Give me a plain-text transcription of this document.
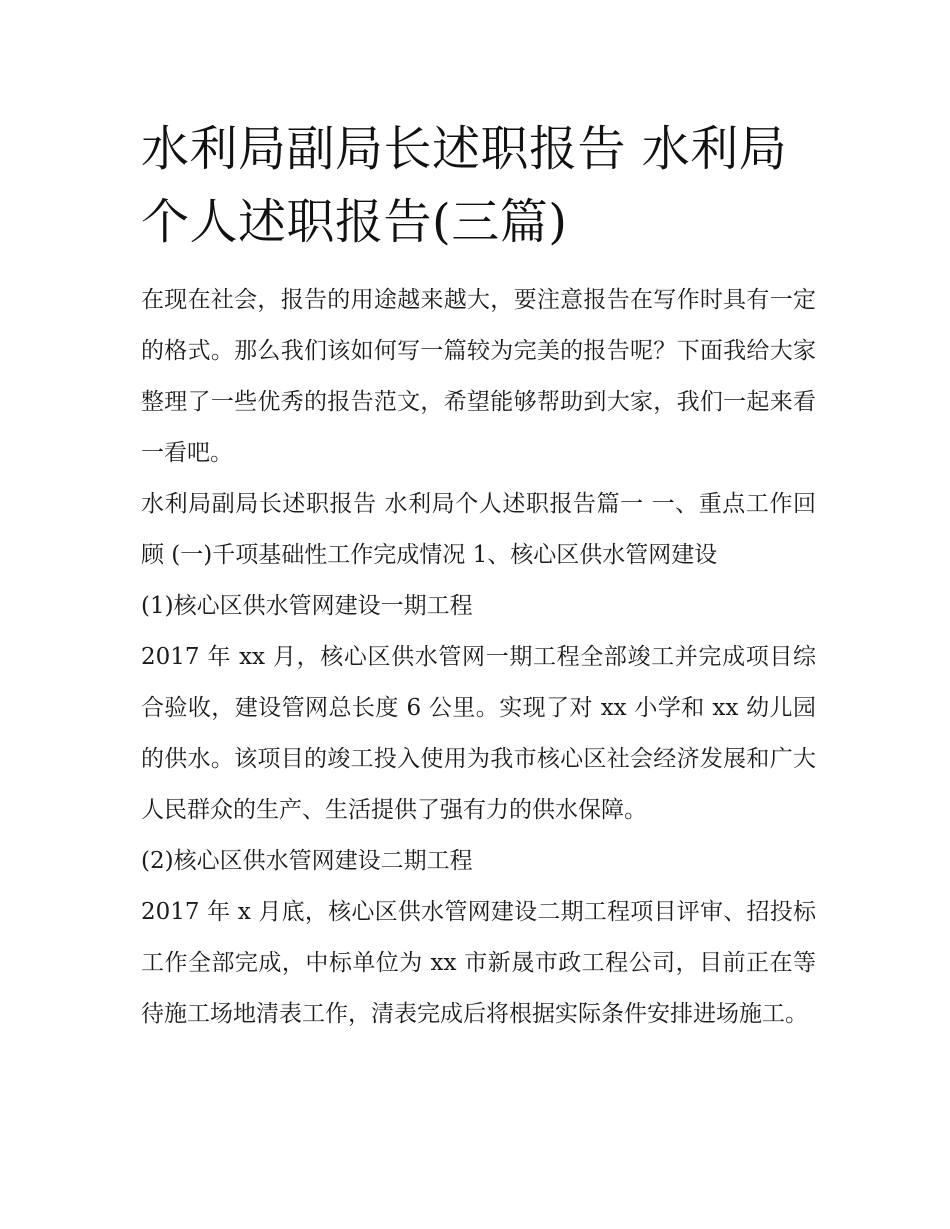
水利局副局长述职报告 水利局
个人述职报告(三篇)

在现在社会，报告的用途越来越大，要注意报告在写作时具有一定的格式。那么我们该如何写一篇较为完美的报告呢？下面我给大家整理了一些优秀的报告范文，希望能够帮助到大家，我们一起来看一看吧。

水利局副局长述职报告 水利局个人述职报告篇一 一、重点工作回顾 (一)千项基础性工作完成情况 1、核心区供水管网建设

(1)核心区供水管网建设一期工程

2017 年 xx 月，核心区供水管网一期工程全部竣工并完成项目综合验收，建设管网总长度 6 公里。实现了对 xx 小学和 xx 幼儿园的供水。该项目的竣工投入使用为我市核心区社会经济发展和广大人民群众的生产、生活提供了强有力的供水保障。

(2)核心区供水管网建设二期工程

2017 年 x 月底，核心区供水管网建设二期工程项目评审、招投标工作全部完成，中标单位为 xx 市新晟市政工程公司，目前正在等待施工场地清表工作，清表完成后将根据实际条件安排进场施工。
